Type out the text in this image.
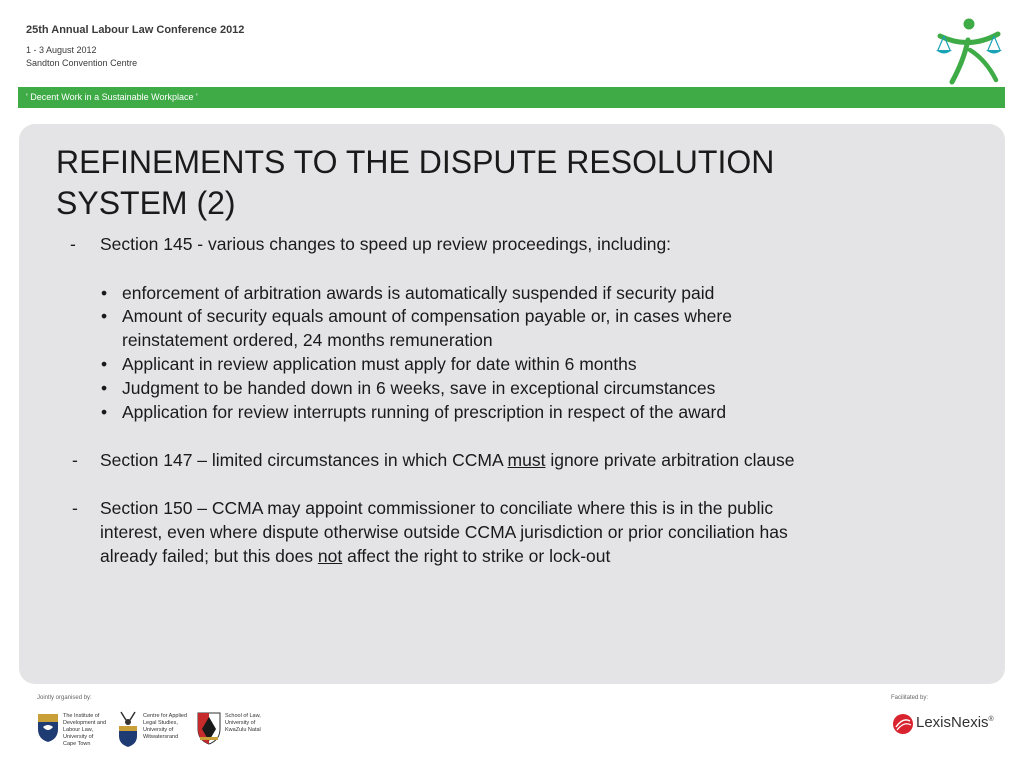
25th Annual Labour Law Conference 2012
1 - 3 August 2012
Sandton Convention Centre
' Decent Work in a Sustainable Workplace '
REFINEMENTS TO THE DISPUTE RESOLUTION
SYSTEM (2)
- Section 145 - various changes to speed up review proceedings, including:
• enforcement of arbitration awards is automatically suspended if security paid
• Amount of security equals amount of compensation payable or, in cases where
reinstatement ordered, 24 months remuneration
• Applicant in review application must apply for date within 6 months
• Judgment to be handed down in 6 weeks, save in exceptional circumstances
• Application for review interrupts running of prescription in respect of the award
- Section 147 – limited circumstances in which CCMA must ignore private arbitration clause
- Section 150 – CCMA may appoint commissioner to conciliate where this is in the public
interest, even where dispute otherwise outside CCMA jurisdiction or prior conciliation has
already failed; but this does not affect the right to strike or lock-out
Jointly organised by:	Facilitated by:
The Institute of
Development and
Labour Law,
University of
Cape Town
Centre for Applied
Legal Studies,
University of
Witwatersrand
School of Law,
University of
KwaZulu Natal	LexisNexis®
